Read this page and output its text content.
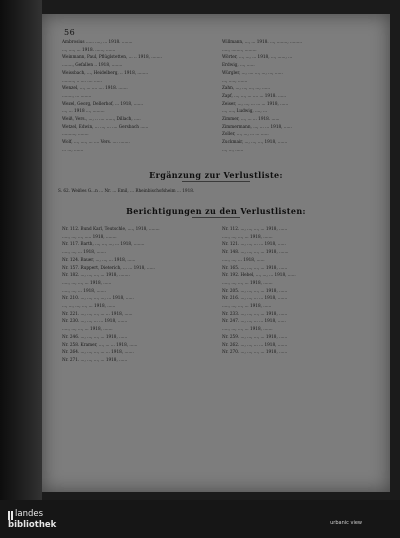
56
Ambrosius ...... ...., ... 1918. ........
..., ...., ... 1918. ......, .......
Weinmann, Paul, Pflüglstetten, ... .. 1918, ........
........, Gefallen .. 1918, ........
Weissbach, ..., Heidelberg, .. 1918, ........
........., .. .... .... ......
Wenzel, ..., ... .... .... 1918. .......
........, ... ........
Wezel, Georg, Dellerhof, ... 1918, .......
..., ... 1918 ..., .........
Weiß, Vers., ..., .. .... ......, Dillach, .....
Wetzel, Edwin, ... ..., ... .... Gersbach ......
.........., ........
Wolf, ..., ...., ... .... Vers. .... ........
... ..., .......
Willmann, ..., ... 1918. ..., ........, .........
....., ........, .........
Wörter, ..., ..., ... 1918, ..., ......, ...
Erdwig, ..., ......
Würgler, ..., .... ..., ..., ..., ......
..., ....., .......
Zahn, ..., ..., ..., ..., ......
Zapf, ..., ..., ... .... ... 1918. ......
Zeiser, ..., ..., ... ... ... 1918, ......
..., ...., Ludwig, ...., ...
Zimmer, ..., ... ... 1918. ......
Zimmermann, ..., ... ... 1918, ......
Zoller, ..., ..., ... ... ......
Zuckmair, ..., ..., ..., 1918, .......
..., ..., ......
Ergänzung zur Verlustliste:
S. 62. Weißes G...n ... Nr. ... Emil, ... Rheinbischofsheim ... 1918.
Berichtigungen zu den Verlustlisten:
Nr. 112. Bund Karl, Teutschle, ...., 1918, ........
....., ..., ..., ..... 1918, ........
Nr. 117. Barth, ..., ..., ..., ... 1918, ........
....., ..., ... 1918, .......
Nr. 124. Bauer, ..., ..., ... 1918, ......
Nr. 157. Ruppert, Dieterich, ... ... 1918, ......
Nr. 182. ..., ..., ..., ... 1918, ........
....., ..., ..., ... 1918, ......
....., ..., ... 1918, .......
Nr. 210. ..., ..., ..., ..., ... 1918, ......
..., ..., ..., ..., ... 1918, ......
Nr. 221. ..., ..., ..., ... ... 1918, ......
Nr. 230. ..., ..., ... ... 1918, .......
....., ..., ..., ... 1918, .......
Nr. 246. ..., ..., ..., ... 1918, ......
Nr. 258. Kramer, ..., ... ... 1918, ......
Nr. 264. ..., ..., ..., ... ... 1918, .......
Nr. 271. ..., ..., ..., ... 1918, ......
Nr. 112. ..., ..., ..., ... 1918, ......
....., ..., ..., ... 1918, .......
Nr. 121. ..., ..., ... ... 1918, ......
Nr. 148. ..., ..., ..., ... 1918, .......
....., ..., ... 1918, ......
Nr. 165. ..., ..., ..., ... 1918, ......
Nr. 192. Hebel, ..., ..., ... 1918, ......
....., ..., ..., ... 1918, .......
Nr. 205. ..., ..., ..., ... 1918, ......
Nr. 216. ..., ..., ... ... 1918, .......
....., ..., ..., ... 1918, ......
Nr. 233. ..., ..., ..., ... 1918, ......
Nr. 247. ..., ..., ... ... 1918, ......
....., ..., ..., ... 1918, .......
Nr. 259. ..., ..., ..., ... 1918, ......
Nr. 262. ..., ..., ... ... 1918, .......
Nr. 270. ..., ..., ..., ... 1918, ......
landes
bibliothek	urbanic view
